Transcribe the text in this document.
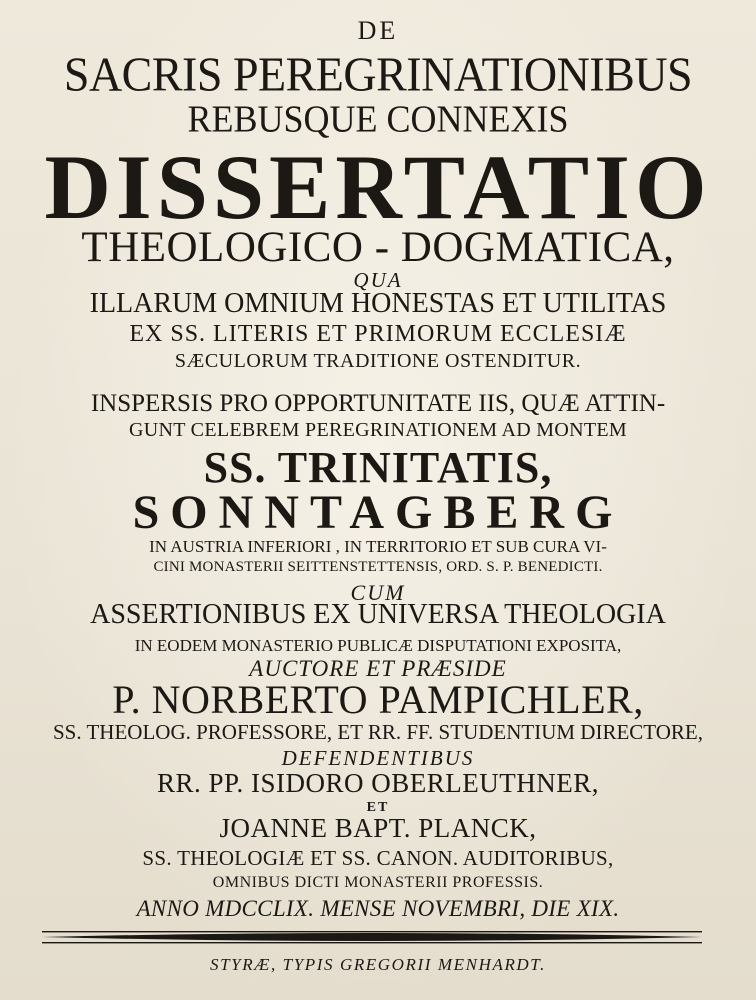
DE
SACRIS PEREGRINATIONIBUS
REBUSQUE CONNEXIS
DISSERTATIO
THEOLOGICO - DOGMATICA,
QUA
ILLARUM OMNIUM HONESTAS ET UTILITAS
EX SS. LITERIS ET PRIMORUM ECCLESIÆ
SÆCULORUM TRADITIONE OSTENDITUR.
INSPERSIS PRO OPPORTUNITATE IIS, QUÆ ATTIN-
GUNT CELEBREM PEREGRINATIONEM AD MONTEM
SS. TRINITATIS,
SONNTAGBERG
IN AUSTRIA INFERIORI , IN TERRITORIO ET SUB CURA VI-
CINI MONASTERII SEITTENSTETTENSIS, ORD. S. P. BENEDICTI.
CUM
ASSERTIONIBUS EX UNIVERSA THEOLOGIA
IN EODEM MONASTERIO PUBLICÆ DISPUTATIONI EXPOSITA,
AUCTORE ET PRÆSIDE
P. NORBERTO PAMPICHLER,
SS. THEOLOG. PROFESSORE, ET RR. FF. STUDENTIUM DIRECTORE,
DEFENDENTIBUS
RR. PP. ISIDORO OBERLEUTHNER,
ET
JOANNE BAPT. PLANCK,
SS. THEOLOGIÆ ET SS. CANON. AUDITORIBUS,
OMNIBUS DICTI MONASTERII PROFESSIS.
ANNO MDCCLIX. MENSE NOVEMBRI, DIE XIX.
STYRÆ, TYPIS GREGORII MENHARDT.
